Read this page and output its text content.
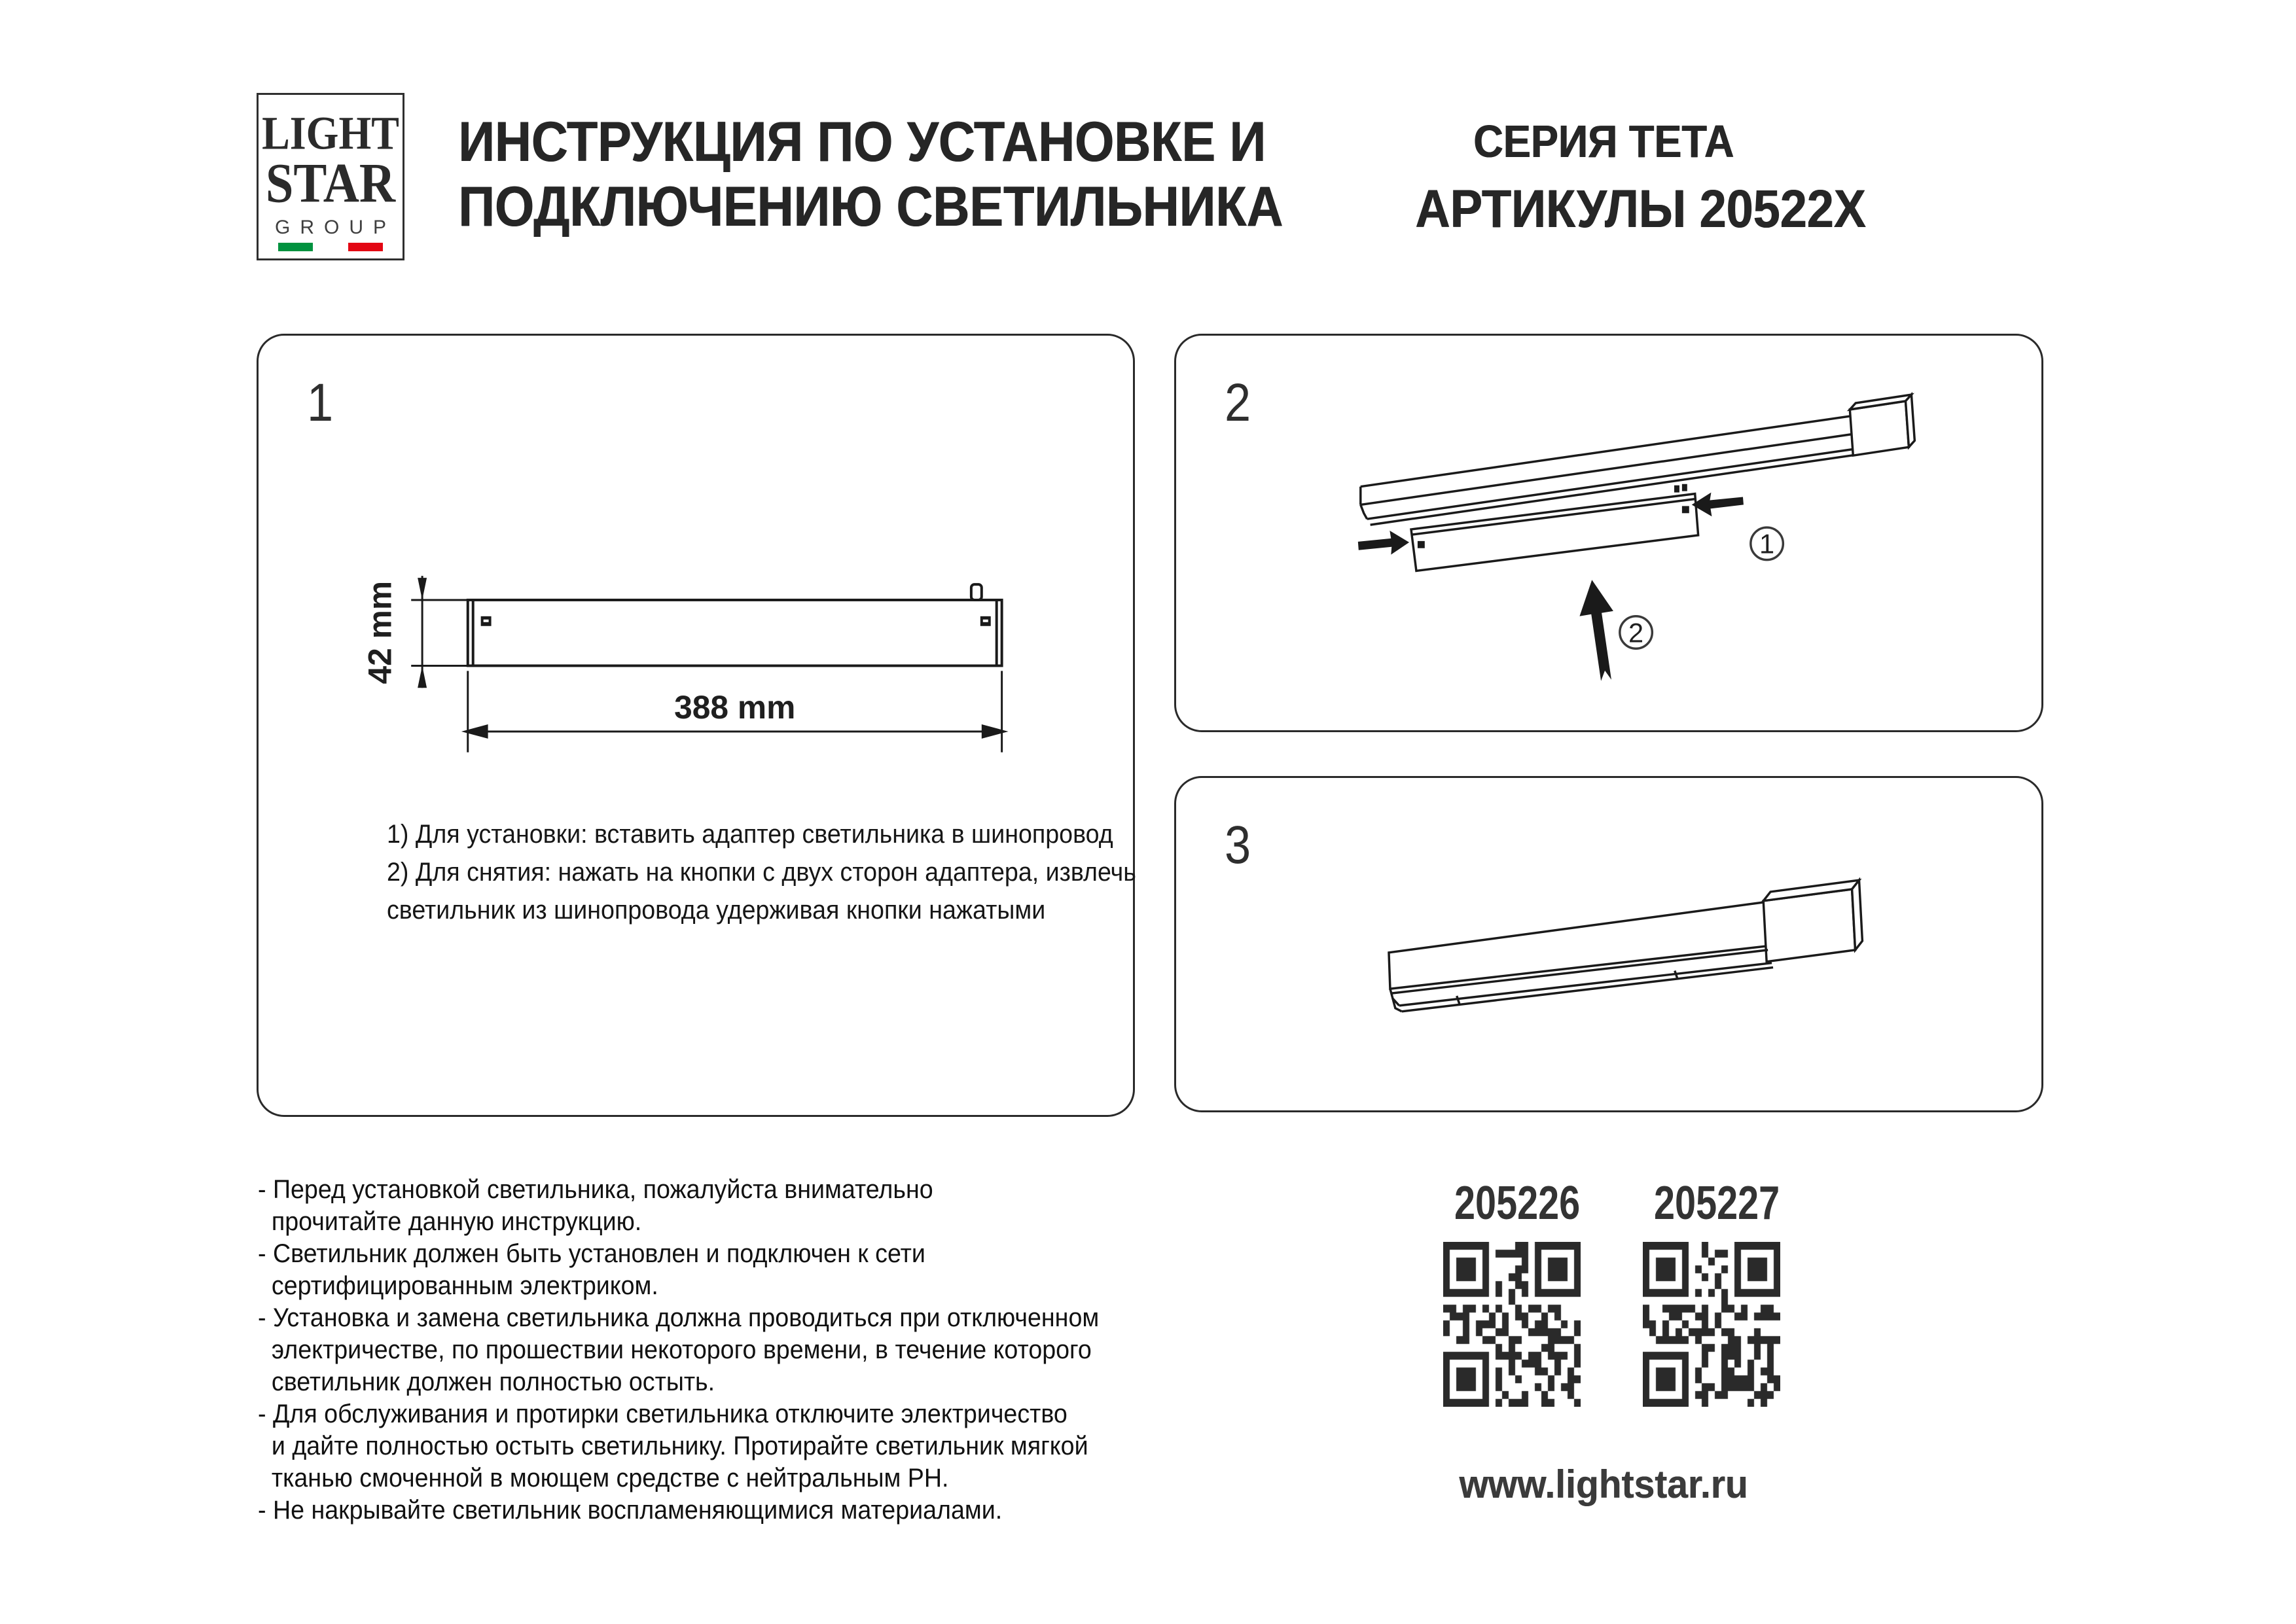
LIGHT
STAR
GROUP
ИНСТРУКЦИЯ ПО УСТАНОВКЕ И
ПОДКЛЮЧЕНИЮ СВЕТИЛЬНИКА
СЕРИЯ ТЕТА
АРТИКУЛЫ 20522X
1
42 mm
388 mm
1) Для установки: вставить адаптер светильника в шинопровод
2) Для снятия: нажать на кнопки с двух сторон адаптера, извлечь
светильник из шинопровода удерживая кнопки нажатыми
2
1
2
3
- Перед установкой светильника, пожалуйста внимательно
прочитайте данную инструкцию.
- Светильник должен быть установлен и подключен к сети
сертифицированным электриком.
- Установка и замена светильника должна проводиться при отключенном
электричестве, по прошествии некоторого времени, в течение которого
светильник должен полностью остыть.
- Для обслуживания и протирки светильника отключите электричество
и дайте полностью остыть светильнику. Протирайте светильник мягкой
тканью смоченной в моющем средстве с нейтральным PH.
- Не накрывайте светильник воспламеняющимися материалами.
205226 205227
www.lightstar.ru
